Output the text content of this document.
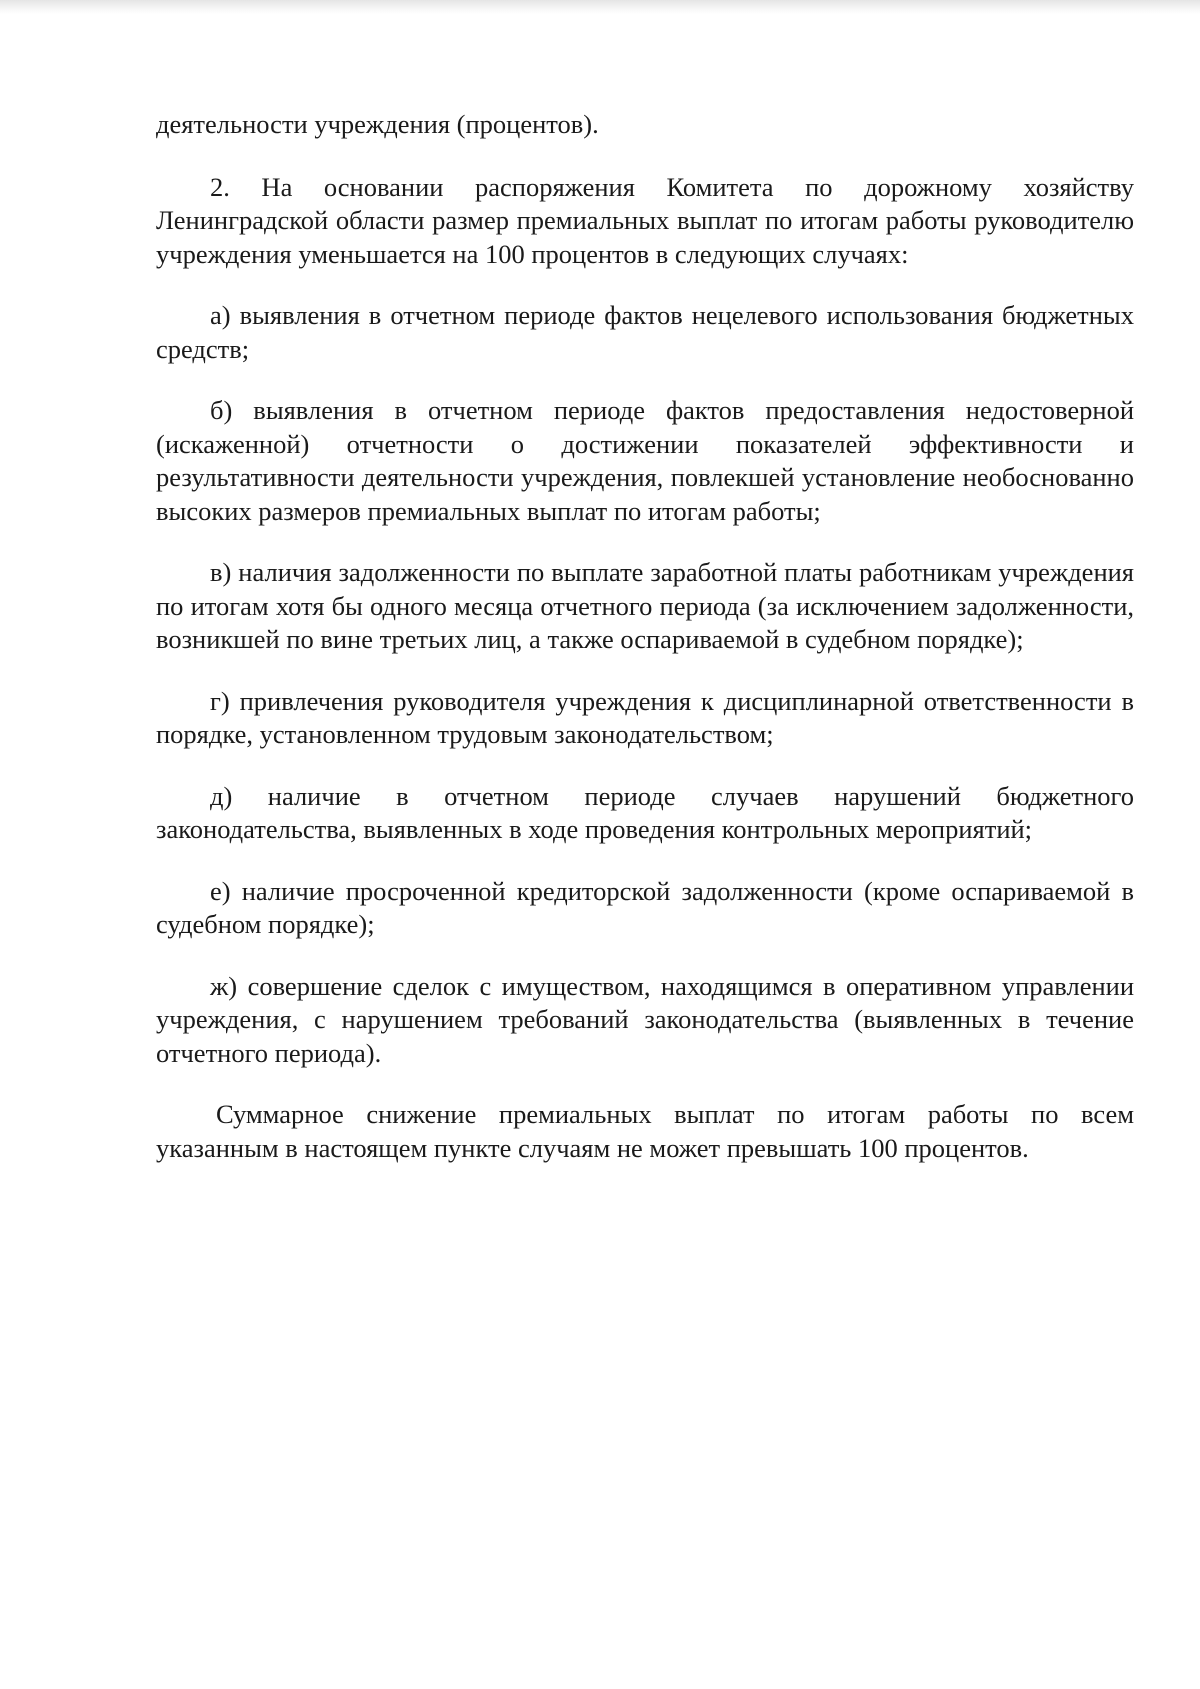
деятельности учреждения (процентов).

2. На основании распоряжения Комитета по дорожному хозяйству Ленинградской области размер премиальных выплат по итогам работы руководителю учреждения уменьшается на 100 процентов в следующих случаях:

а) выявления в отчетном периоде фактов нецелевого использования бюджетных средств;

б) выявления в отчетном периоде фактов предоставления недостоверной (искаженной) отчетности о достижении показателей эффективности и результативности деятельности учреждения, повлекшей установление необоснованно высоких размеров премиальных выплат по итогам работы;

в) наличия задолженности по выплате заработной платы работникам учреждения по итогам хотя бы одного месяца отчетного периода (за исключением задолженности, возникшей по вине третьих лиц, а также оспариваемой в судебном порядке);

г) привлечения руководителя учреждения к дисциплинарной ответственности в порядке, установленном трудовым законодательством;

д) наличие в отчетном периоде случаев нарушений бюджетного законодательства, выявленных в ходе проведения контрольных мероприятий;

е) наличие просроченной кредиторской задолженности (кроме оспариваемой в судебном порядке);

ж) совершение сделок с имуществом, находящимся в оперативном управлении учреждения, с нарушением требований законодательства (выявленных в течение отчетного периода).

Суммарное снижение премиальных выплат по итогам работы по всем указанным в настоящем пункте случаям не может превышать 100 процентов.
